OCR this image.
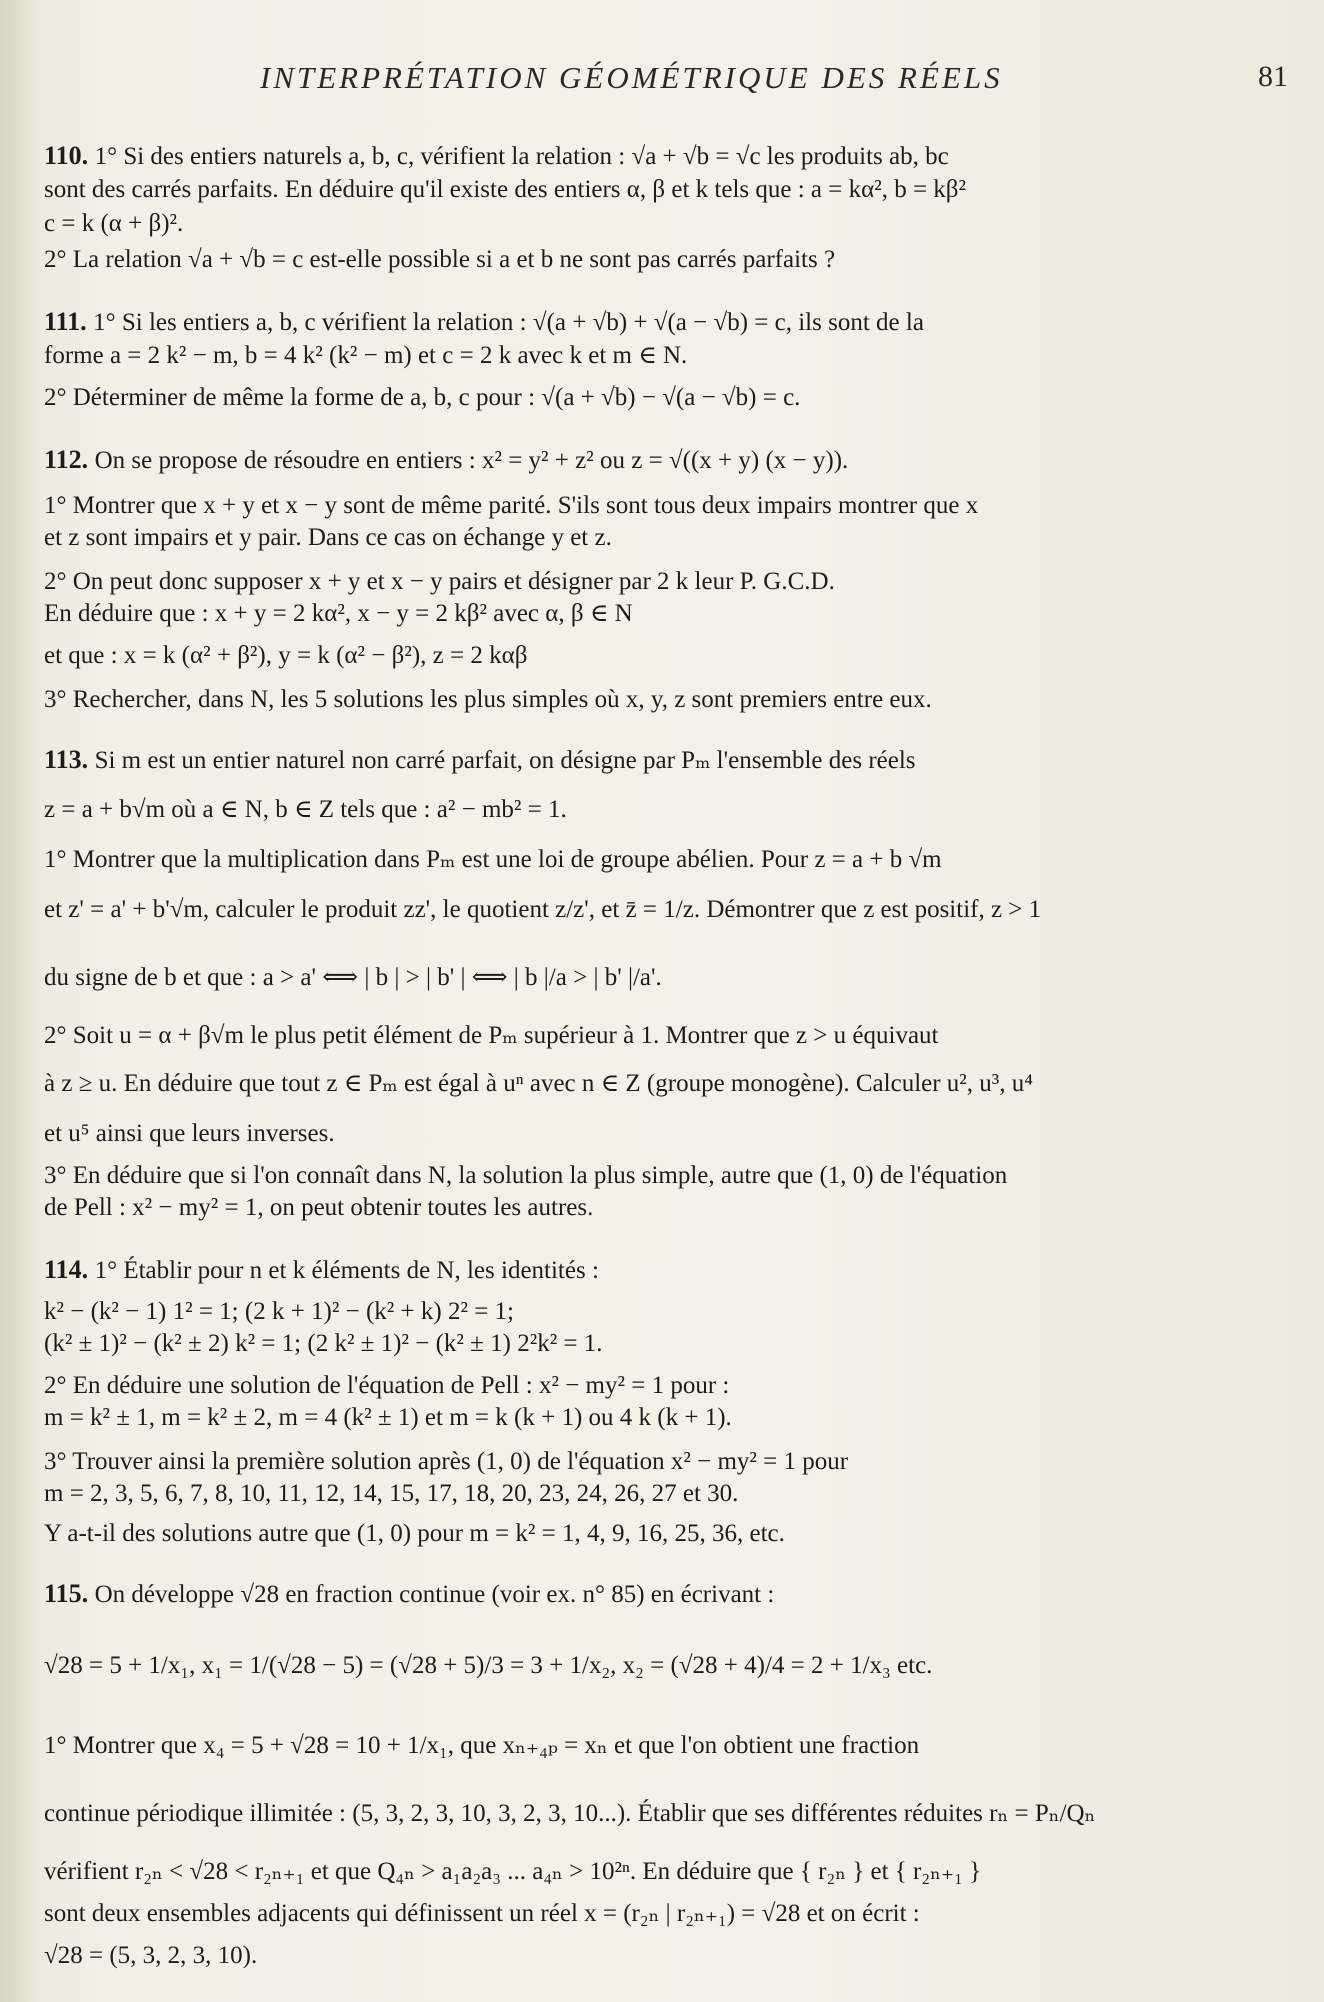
INTERPRÉTATION GÉOMÉTRIQUE DES RÉELS	81
110. 1° Si des entiers naturels a, b, c, vérifient la relation : √a + √b = √c les produits ab, bc
sont des carrés parfaits. En déduire qu'il existe des entiers α, β et k tels que : a = kα², b = kβ²
c = k (α + β)².
2° La relation √a + √b = c est-elle possible si a et b ne sont pas carrés parfaits ?
111. 1° Si les entiers a, b, c vérifient la relation : √(a + √b) + √(a − √b) = c, ils sont de la
forme a = 2 k² − m, b = 4 k² (k² − m) et c = 2 k avec k et m ∈ N.
2° Déterminer de même la forme de a, b, c pour : √(a + √b) − √(a − √b) = c.
112. On se propose de résoudre en entiers : x² = y² + z² ou z = √((x + y) (x − y)).
1° Montrer que x + y et x − y sont de même parité. S'ils sont tous deux impairs montrer que x
et z sont impairs et y pair. Dans ce cas on échange y et z.
2° On peut donc supposer x + y et x − y pairs et désigner par 2 k leur P. G.C.D.
En déduire que : x + y = 2 kα², x − y = 2 kβ² avec α, β ∈ N
et que : x = k (α² + β²), y = k (α² − β²), z = 2 kαβ
3° Rechercher, dans N, les 5 solutions les plus simples où x, y, z sont premiers entre eux.
113. Si m est un entier naturel non carré parfait, on désigne par Pₘ l'ensemble des réels
z = a + b√m où a ∈ N, b ∈ Z tels que : a² − mb² = 1.
1° Montrer que la multiplication dans Pₘ est une loi de groupe abélien. Pour z = a + b √m
et z' = a' + b'√m, calculer le produit zz', le quotient z/z', et z̄ = 1/z. Démontrer que z est positif, z > 1
du signe de b et que : a > a' ⟺ | b | > | b' | ⟺ | b |/a > | b' |/a'.
2° Soit u = α + β√m le plus petit élément de Pₘ supérieur à 1. Montrer que z > u équivaut
à z ≥ u. En déduire que tout z ∈ Pₘ est égal à uⁿ avec n ∈ Z (groupe monogène). Calculer u², u³, u⁴
et u⁵ ainsi que leurs inverses.
3° En déduire que si l'on connaît dans N, la solution la plus simple, autre que (1, 0) de l'équation
de Pell : x² − my² = 1, on peut obtenir toutes les autres.
114. 1° Établir pour n et k éléments de N, les identités :
k² − (k² − 1) 1² = 1; (2 k + 1)² − (k² + k) 2² = 1;
(k² ± 1)² − (k² ± 2) k² = 1; (2 k² ± 1)² − (k² ± 1) 2²k² = 1.
2° En déduire une solution de l'équation de Pell : x² − my² = 1 pour :
m = k² ± 1, m = k² ± 2, m = 4 (k² ± 1) et m = k (k + 1) ou 4 k (k + 1).
3° Trouver ainsi la première solution après (1, 0) de l'équation x² − my² = 1 pour
m = 2, 3, 5, 6, 7, 8, 10, 11, 12, 14, 15, 17, 18, 20, 23, 24, 26, 27 et 30.
Y a-t-il des solutions autre que (1, 0) pour m = k² = 1, 4, 9, 16, 25, 36, etc.
115. On développe √28 en fraction continue (voir ex. n° 85) en écrivant :
√28 = 5 + 1/x₁, x₁ = 1/(√28 − 5) = (√28 + 5)/3 = 3 + 1/x₂, x₂ = (√28 + 4)/4 = 2 + 1/x₃ etc.
1° Montrer que x₄ = 5 + √28 = 10 + 1/x₁, que xₙ₊₄ₚ = xₙ et que l'on obtient une fraction
continue périodique illimitée : (5, 3, 2, 3, 10, 3, 2, 3, 10...). Établir que ses différentes réduites rₙ = Pₙ/Qₙ
vérifient r₂ₙ < √28 < r₂ₙ₊₁ et que Q₄ₙ > a₁a₂a₃ ... a₄ₙ > 10²ⁿ. En déduire que { r₂ₙ } et { r₂ₙ₊₁ }
sont deux ensembles adjacents qui définissent un réel x = (r₂ₙ | r₂ₙ₊₁) = √28 et on écrit :
√28 = (5, 3, 2, 3, 10).
